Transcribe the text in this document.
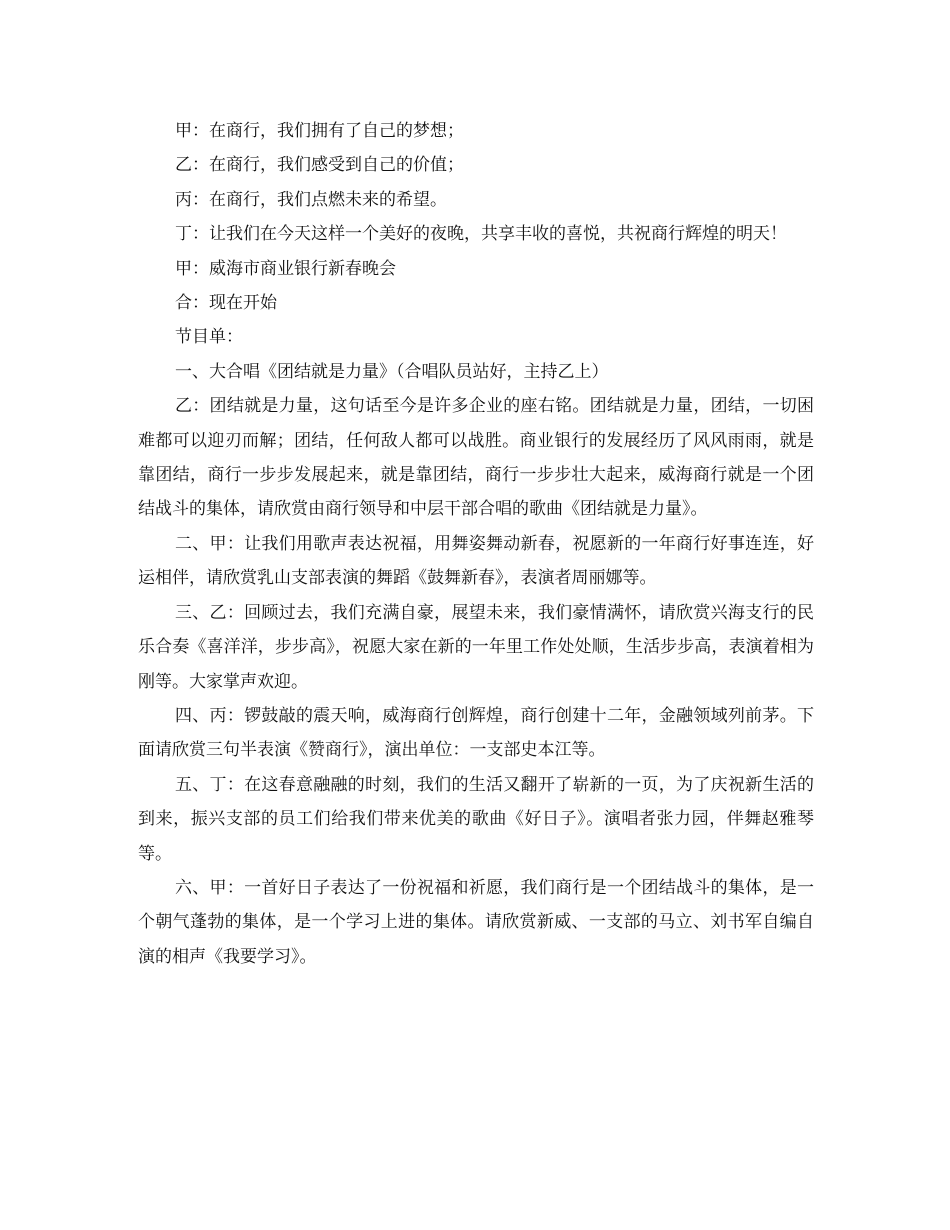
甲：在商行，我们拥有了自己的梦想；

乙：在商行，我们感受到自己的价值；

丙：在商行，我们点燃未来的希望。

丁：让我们在今天这样一个美好的夜晚，共享丰收的喜悦，共祝商行辉煌的明天！

甲：威海市商业银行新春晚会

合：现在开始

节目单：

一、大合唱《团结就是力量》（合唱队员站好，主持乙上）

乙：团结就是力量，这句话至今是许多企业的座右铭。团结就是力量，团结，一切困难都可以迎刃而解；团结，任何敌人都可以战胜。商业银行的发展经历了风风雨雨，就是靠团结，商行一步步发展起来，就是靠团结，商行一步步壮大起来，威海商行就是一个团结战斗的集体，请欣赏由商行领导和中层干部合唱的歌曲《团结就是力量》。

二、甲：让我们用歌声表达祝福，用舞姿舞动新春，祝愿新的一年商行好事连连，好运相伴，请欣赏乳山支部表演的舞蹈《鼓舞新春》，表演者周丽娜等。

三、乙：回顾过去，我们充满自豪，展望未来，我们豪情满怀，请欣赏兴海支行的民乐合奏《喜洋洋，步步高》，祝愿大家在新的一年里工作处处顺，生活步步高，表演着相为刚等。大家掌声欢迎。

四、丙：锣鼓敲的震天响，威海商行创辉煌，商行创建十二年，金融领域列前茅。下面请欣赏三句半表演《赞商行》，演出单位：一支部史本江等。

五、丁：在这春意融融的时刻，我们的生活又翻开了崭新的一页，为了庆祝新生活的到来，振兴支部的员工们给我们带来优美的歌曲《好日子》。演唱者张力园，伴舞赵雅琴等。

六、甲：一首好日子表达了一份祝福和祈愿，我们商行是一个团结战斗的集体，是一个朝气蓬勃的集体，是一个学习上进的集体。请欣赏新威、一支部的马立、刘书军自编自演的相声《我要学习》。
